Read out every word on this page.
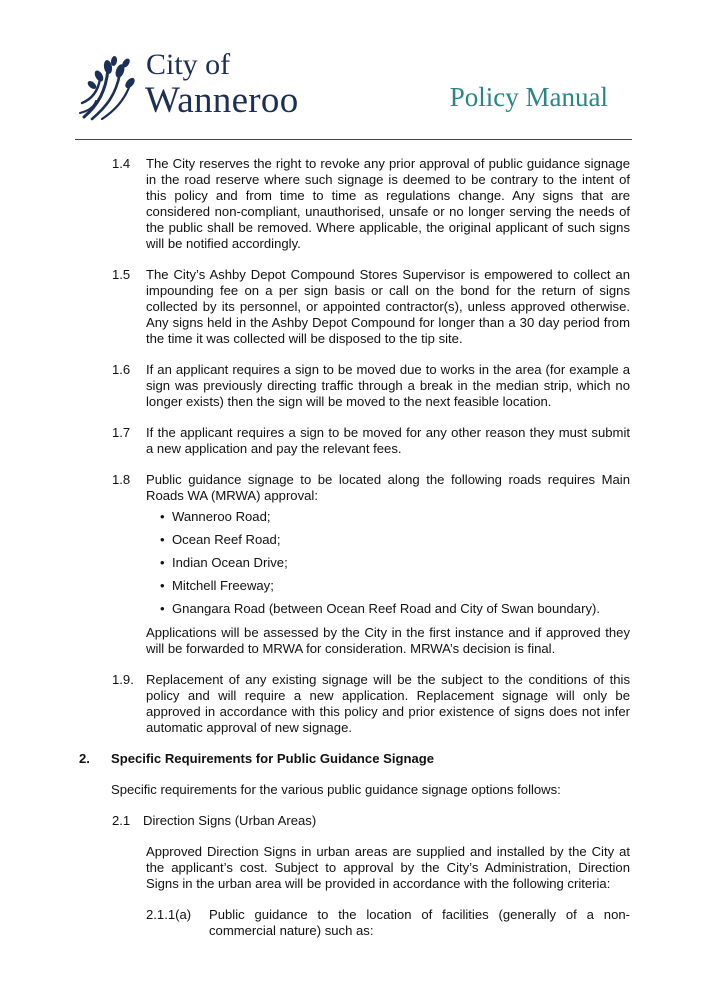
City of
Wanneroo	Policy Manual
1.4 The City reserves the right to revoke any prior approval of public guidance signage in the road reserve where such signage is deemed to be contrary to the intent of this policy and from time to time as regulations change. Any signs that are considered non-compliant, unauthorised, unsafe or no longer serving the needs of the public shall be removed. Where applicable, the original applicant of such signs will be notified accordingly.
1.5 The City’s Ashby Depot Compound Stores Supervisor is empowered to collect an impounding fee on a per sign basis or call on the bond for the return of signs collected by its personnel, or appointed contractor(s), unless approved otherwise. Any signs held in the Ashby Depot Compound for longer than a 30 day period from the time it was collected will be disposed to the tip site.
1.6 If an applicant requires a sign to be moved due to works in the area (for example a sign was previously directing traffic through a break in the median strip, which no longer exists) then the sign will be moved to the next feasible location.
1.7 If the applicant requires a sign to be moved for any other reason they must submit a new application and pay the relevant fees.
1.8 Public guidance signage to be located along the following roads requires Main Roads WA (MRWA) approval:
• Wanneroo Road;
• Ocean Reef Road;
• Indian Ocean Drive;
• Mitchell Freeway;
• Gnangara Road (between Ocean Reef Road and City of Swan boundary).
Applications will be assessed by the City in the first instance and if approved they will be forwarded to MRWA for consideration. MRWA’s decision is final.
1.9. Replacement of any existing signage will be the subject to the conditions of this policy and will require a new application. Replacement signage will only be approved in accordance with this policy and prior existence of signs does not infer automatic approval of new signage.
2. Specific Requirements for Public Guidance Signage
Specific requirements for the various public guidance signage options follows:
2.1 Direction Signs (Urban Areas)
Approved Direction Signs in urban areas are supplied and installed by the City at the applicant’s cost. Subject to approval by the City’s Administration, Direction Signs in the urban area will be provided in accordance with the following criteria:
2.1.1(a) Public guidance to the location of facilities (generally of a non-commercial nature) such as:
